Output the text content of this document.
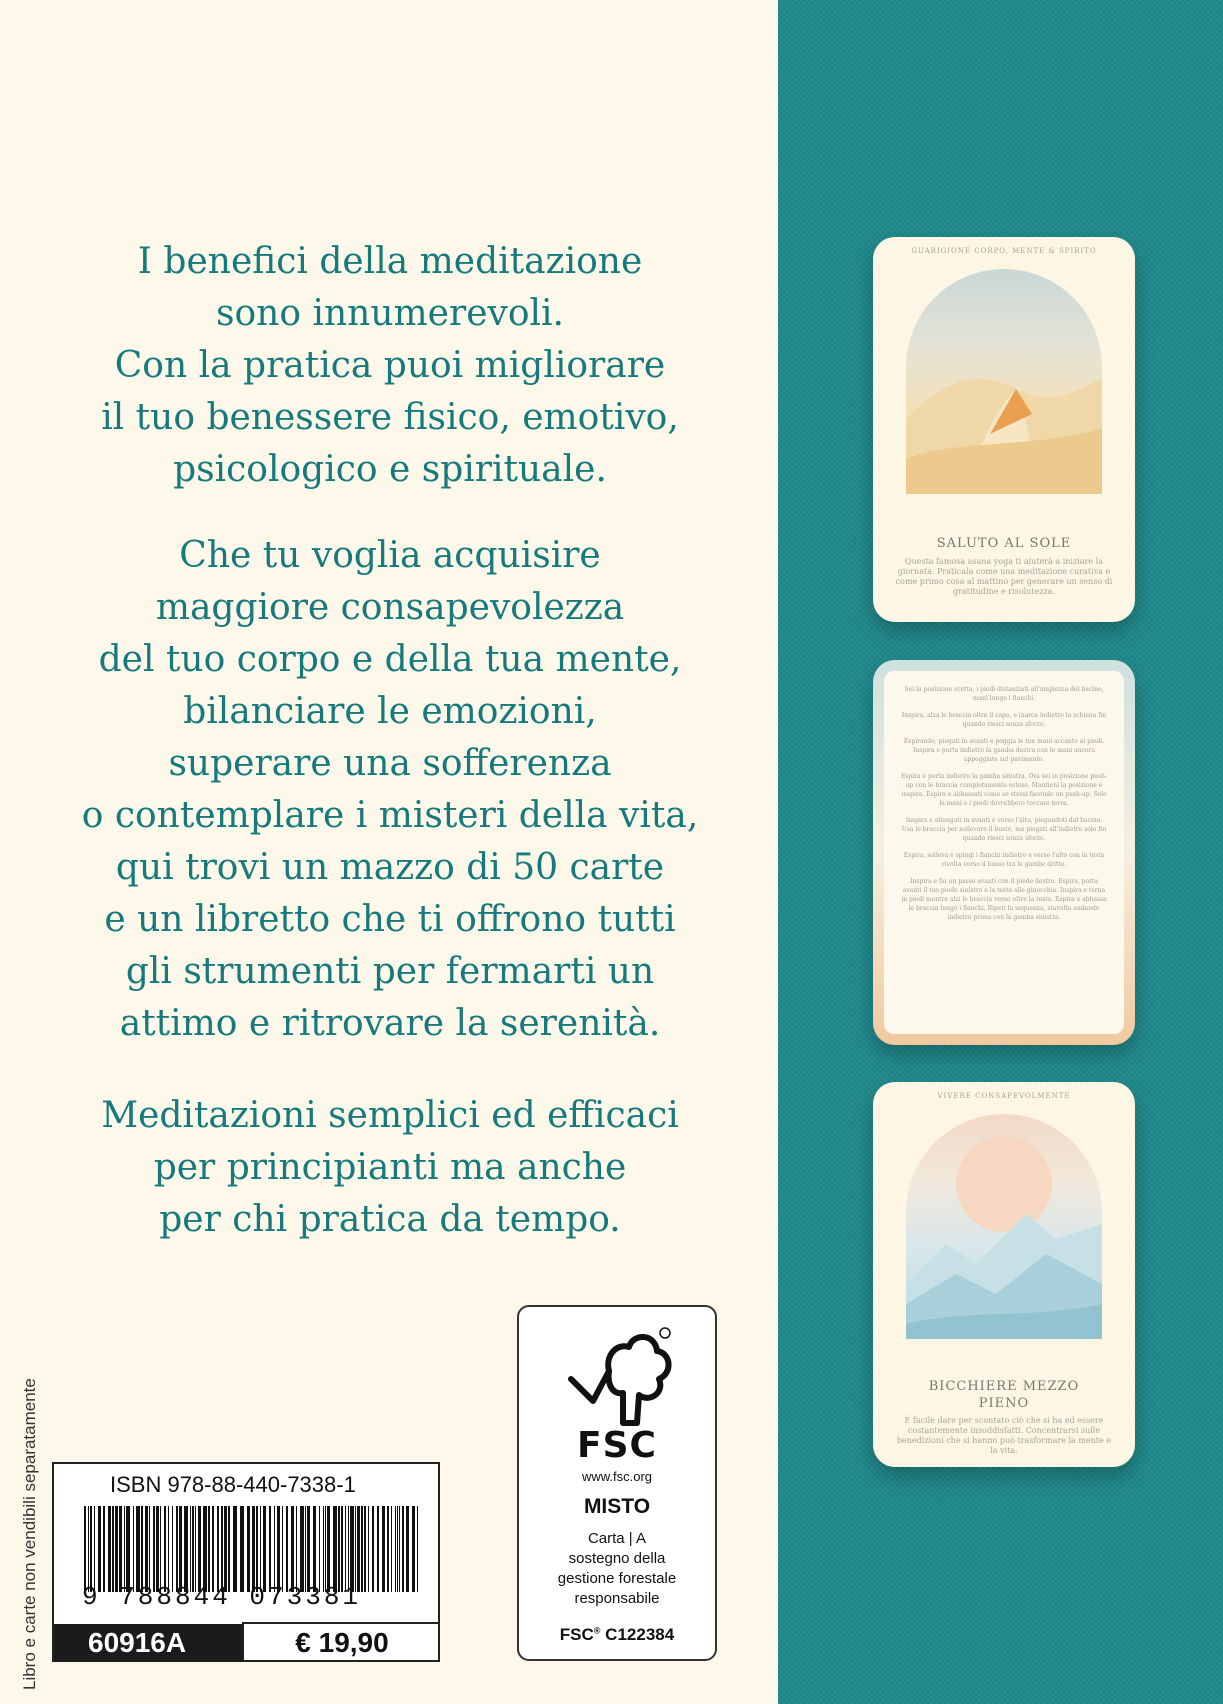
I benefici della meditazione
sono innumerevoli.
Con la pratica puoi migliorare
il tuo benessere fisico, emotivo,
psicologico e spirituale.

Che tu voglia acquisire
maggiore consapevolezza
del tuo corpo e della tua mente,
bilanciare le emozioni,
superare una sofferenza
o contemplare i misteri della vita,
qui trovi un mazzo di 50 carte
e un libretto che ti offrono tutti
gli strumenti per fermarti un
attimo e ritrovare la serenità.

Meditazioni semplici ed efficaci
per principianti ma anche
per chi pratica da tempo.

Libro e carte non vendibili separatamente	ISBN 978-88-440-7338-1
9 788844 073381
60916A	€ 19,90
FSC
www.fsc.org
MISTO
Carta | A
sostegno della
gestione forestale
responsabile
FSC® C122384
GUARIGIONE CORPO, MENTE & SPIRITO
SALUTO AL SOLE
Questa famosa asana yoga ti aiuterà a iniziare la giornata. Praticala come una meditazione curativa e come primo cosa al mattino per generare un senso di gratitudine e risolutezza.

Sei in posizione eretta, i piedi distanziati all'ampiezza del bacino, mani lungo i fianchi.

Inspira, alza le braccia oltre il capo, e inarca indietro la schiena fin quando riesci senza sforzo.

Espirando, piegati in avanti e poggia le tue mani accanto ai piedi. Inspira e porta indietro la gamba destra con le mani ancora appoggiate sul pavimento.

Espira e porta indietro la gamba sinistra. Ora sei in posizione push-up con le braccia completamente estese. Mantieni la posizione e inspira. Espira e abbassati come se stessi facendo un push-up. Solo le mani e i piedi dovrebbero toccare terra.

Inspira e allungati in avanti e verso l'alto, piegandoti dal bacino. Usa le braccia per sollevare il busto, ma piegati all'indietro solo fin quando riesci senza sforzo.

Espira, solleva e spingi i fianchi indietro e verso l'alto con la testa rivolta verso il basso tra le gambe dritte.

Inspira e fai un passo avanti con il piede destro. Espira, porta avanti il tuo piede sinistro e la testa alle ginocchia. Inspira e torna in piedi mentre alzi le braccia verso oltre la testa. Espira e abbassa le braccia lungo i fianchi. Ripeti la sequenza, stavolta andando indietro prima con la gamba sinistra.

VIVERE CONSAPEVOLMENTE
BICCHIERE MEZZO
PIENO
È facile dare per scontato ciò che si ha ed essere costantemente insoddisfatti. Concentrarsi sulle benedizioni che si hanno può trasformare la mente e la vita.
